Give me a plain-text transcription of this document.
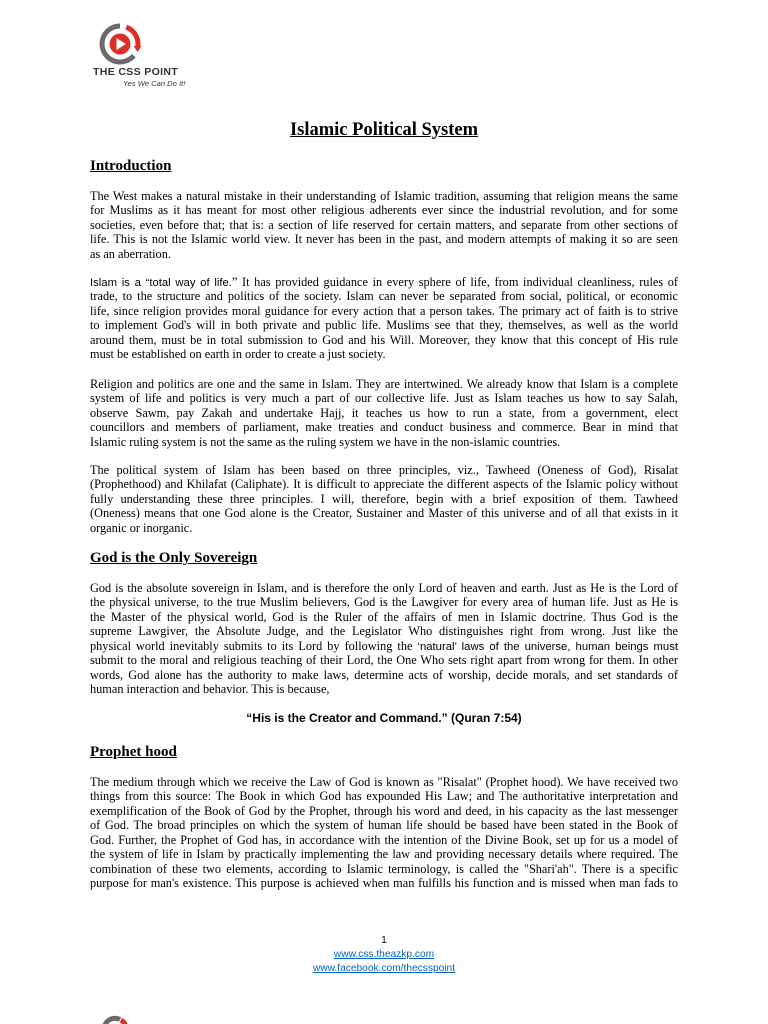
THE CSS POINT
Yes We Can Do It!
Islamic Political System
Introduction
The West makes a natural mistake in their understanding of Islamic tradition, assuming that religion means the same
for Muslims as it has meant for most other religious adherents ever since the industrial revolution, and for some
societies, even before that; that is: a section of life reserved for certain matters, and separate from other sections of
life. This is not the Islamic world view. It never has been in the past, and modern attempts of making it so are seen
as an aberration.
Islam is a “total way of life.” It has provided guidance in every sphere of life, from individual cleanliness, rules of
trade, to the structure and politics of the society. Islam can never be separated from social, political, or economic
life, since religion provides moral guidance for every action that a person takes. The primary act of faith is to strive
to implement God's will in both private and public life. Muslims see that they, themselves, as well as the world
around them, must be in total submission to God and his Will. Moreover, they know that this concept of His rule
must be established on earth in order to create a just society.
Religion and politics are one and the same in Islam. They are intertwined. We already know that Islam is a complete
system of life and politics is very much a part of our collective life. Just as Islam teaches us how to say Salah,
observe Sawm, pay Zakah and undertake Hajj, it teaches us how to run a state, from a government, elect
councillors and members of parliament, make treaties and conduct business and commerce. Bear in mind that
Islamic ruling system is not the same as the ruling system we have in the non-islamic countries.
The political system of Islam has been based on three principles, viz., Tawheed (Oneness of God), Risalat
(Prophethood) and Khilafat (Caliphate). It is difficult to appreciate the different aspects of the Islamic policy without
fully understanding these three principles. I will, therefore, begin with a brief exposition of them. Tawheed
(Oneness) means that one God alone is the Creator, Sustainer and Master of this universe and of all that exists in it
organic or inorganic.
God is the Only Sovereign
God is the absolute sovereign in Islam, and is therefore the only Lord of heaven and earth. Just as He is the Lord of
the physical universe, to the true Muslim believers, God is the Lawgiver for every area of human life. Just as He is
the Master of the physical world, God is the Ruler of the affairs of men in Islamic doctrine. Thus God is the
supreme Lawgiver, the Absolute Judge, and the Legislator Who distinguishes right from wrong. Just like the
physical world inevitably submits to its Lord by following the ‘natural’ laws of the universe, human beings must
submit to the moral and religious teaching of their Lord, the One Who sets right apart from wrong for them. In other
words, God alone has the authority to make laws, determine acts of worship, decide morals, and set standards of
human interaction and behavior. This is because,
“His is the Creator and Command.” (Quran 7:54)
Prophet hood
The medium through which we receive the Law of God is known as "Risalat" (Prophet hood). We have received two
things from this source: The Book in which God has expounded His Law; and The authoritative interpretation and
exemplification of the Book of God by the Prophet, through his word and deed, in his capacity as the last messenger
of God. The broad principles on which the system of human life should be based have been stated in the Book of
God. Further, the Prophet of God has, in accordance with the intention of the Divine Book, set up for us a model of
the system of life in Islam by practically implementing the law and providing necessary details where required. The
combination of these two elements, according to Islamic terminology, is called the "Shari'ah". There is a specific
purpose for man's existence. This purpose is achieved when man fulfills his function and is missed when man fads to
1
www.css.theazkp.com
www.facebook.com/thecsspoint
